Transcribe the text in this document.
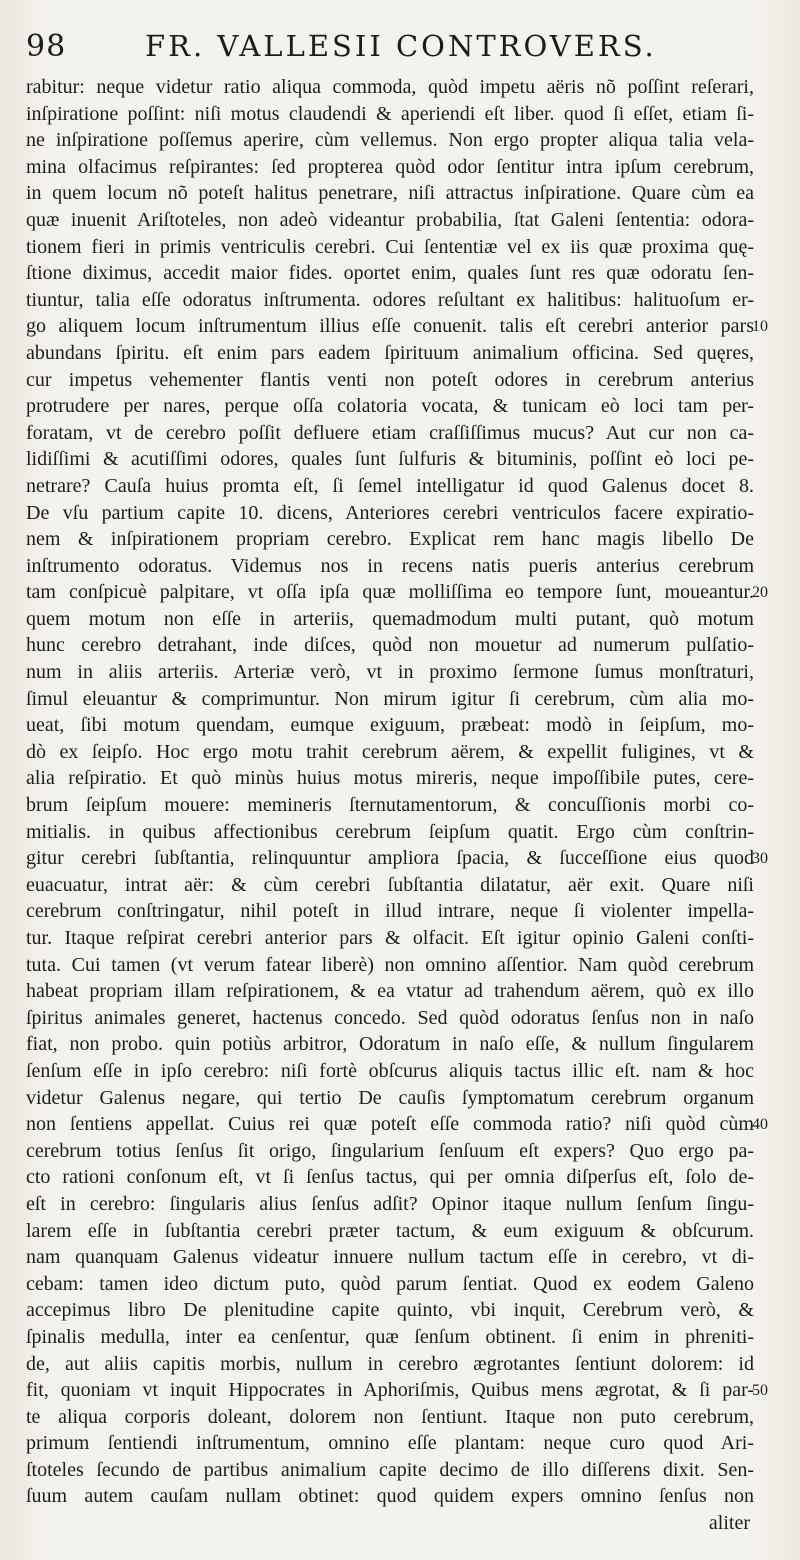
98	FR. VALLESII CONTROVERS.
rabitur: neque videtur ratio aliqua commoda, quòd impetu aëris nõ poſſint reſerari,
inſpiratione poſſint: niſi motus claudendi & aperiendi eſt liber. quod ſi eſſet, etiam ſi-
ne inſpiratione poſſemus aperire, cùm vellemus. Non ergo propter aliqua talia vela-
mina olfacimus reſpirantes: ſed propterea quòd odor ſentitur intra ipſum cerebrum,
in quem locum nõ poteſt halitus penetrare, niſi attractus inſpiratione. Quare cùm ea
quæ inuenit Ariſtoteles, non adeò videantur probabilia, ſtat Galeni ſententia: odora-
tionem fieri in primis ventriculis cerebri. Cui ſententiæ vel ex iis quæ proxima quę-
ſtione diximus, accedit maior fides. oportet enim, quales ſunt res quæ odoratu ſen-
tiuntur, talia eſſe odoratus inſtrumenta. odores reſultant ex halitibus: halituoſum er-
go aliquem locum inſtrumentum illius eſſe conuenit. talis eſt cerebri anterior pars
abundans ſpiritu. eſt enim pars eadem ſpirituum animalium officina. Sed quęres,
cur impetus vehementer flantis venti non poteſt odores in cerebrum anterius
protrudere per nares, perque oſſa colatoria vocata, & tunicam eò loci tam per-
foratam, vt de cerebro poſſit defluere etiam craſſiſſimus mucus? Aut cur non ca-
lidiſſimi & acutiſſimi odores, quales ſunt ſulfuris & bituminis, poſſint eò loci pe-
netrare? Cauſa huius promta eſt, ſi ſemel intelligatur id quod Galenus docet 8.
De vſu partium capite 10. dicens, Anteriores cerebri ventriculos facere expiratio-
nem & inſpirationem propriam cerebro. Explicat rem hanc magis libello De
inſtrumento odoratus. Videmus nos in recens natis pueris anterius cerebrum
tam conſpicuè palpitare, vt oſſa ipſa quæ molliſſima eo tempore ſunt, moueantur.
quem motum non eſſe in arteriis, quemadmodum multi putant, quò motum
hunc cerebro detrahant, inde diſces, quòd non mouetur ad numerum pulſatio-
num in aliis arteriis. Arteriæ verò, vt in proximo ſermone ſumus monſtraturi,
ſimul eleuantur & comprimuntur. Non mirum igitur ſi cerebrum, cùm alia mo-
ueat, ſibi motum quendam, eumque exiguum, præbeat: modò in ſeipſum, mo-
dò ex ſeipſo. Hoc ergo motu trahit cerebrum aërem, & expellit fuligines, vt &
alia reſpiratio. Et quò minùs huius motus mireris, neque impoſſibile putes, cere-
brum ſeipſum mouere: memineris ſternutamentorum, & concuſſionis morbi co-
mitialis. in quibus affectionibus cerebrum ſeipſum quatit. Ergo cùm conſtrin-
gitur cerebri ſubſtantia, relinquuntur ampliora ſpacia, & ſucceſſione eius quod
euacuatur, intrat aër: & cùm cerebri ſubſtantia dilatatur, aër exit. Quare niſi
cerebrum conſtringatur, nihil poteſt in illud intrare, neque ſi violenter impella-
tur. Itaque reſpirat cerebri anterior pars & olfacit. Eſt igitur opinio Galeni conſti-
tuta. Cui tamen (vt verum fatear liberè) non omnino aſſentior. Nam quòd cerebrum
habeat propriam illam reſpirationem, & ea vtatur ad trahendum aërem, quò ex illo
ſpiritus animales generet, hactenus concedo. Sed quòd odoratus ſenſus non in naſo
fiat, non probo. quin potiùs arbitror, Odoratum in naſo eſſe, & nullum ſingularem
ſenſum eſſe in ipſo cerebro: niſi fortè obſcurus aliquis tactus illic eſt. nam & hoc
videtur Galenus negare, qui tertio De cauſis ſymptomatum cerebrum organum
non ſentiens appellat. Cuius rei quæ poteſt eſſe commoda ratio? niſi quòd cùm
cerebrum totius ſenſus ſit origo, ſingularium ſenſuum eſt expers? Quo ergo pa-
cto rationi conſonum eſt, vt ſi ſenſus tactus, qui per omnia diſperſus eſt, ſolo de-
eſt in cerebro: ſingularis alius ſenſus adſit? Opinor itaque nullum ſenſum ſingu-
larem eſſe in ſubſtantia cerebri præter tactum, & eum exiguum & obſcurum.
nam quanquam Galenus videatur innuere nullum tactum eſſe in cerebro, vt di-
cebam: tamen ideo dictum puto, quòd parum ſentiat. Quod ex eodem Galeno
accepimus libro De plenitudine capite quinto, vbi inquit, Cerebrum verò, &
ſpinalis medulla, inter ea cenſentur, quæ ſenſum obtinent. ſi enim in phreniti-
de, aut aliis capitis morbis, nullum in cerebro ægrotantes ſentiunt dolorem: id
fit, quoniam vt inquit Hippocrates in Aphoriſmis, Quibus mens ægrotat, & ſi par-
te aliqua corporis doleant, dolorem non ſentiunt. Itaque non puto cerebrum,
primum ſentiendi inſtrumentum, omnino eſſe plantam: neque curo quod Ari-
ſtoteles ſecundo de partibus animalium capite decimo de illo diſſerens dixit. Sen-
ſuum autem cauſam nullam obtinet: quod quidem expers omnino ſenſus non
10
20
30
40
50
aliter
